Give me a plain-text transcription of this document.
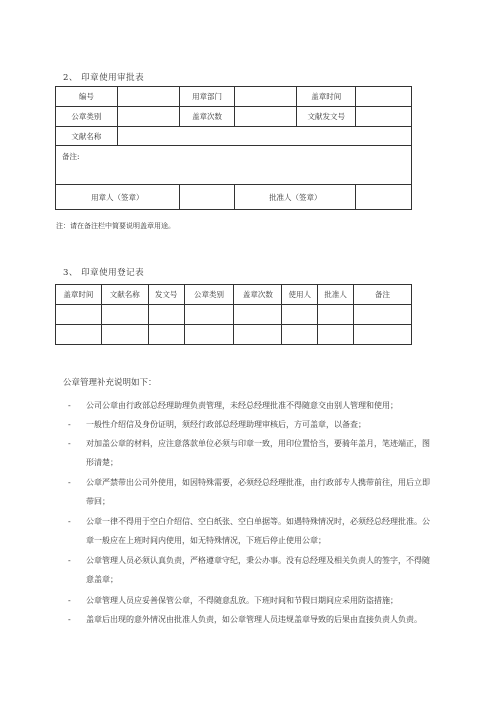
2、 印章使用审批表
编号		用章部门		盖章时间	
公章类别		盖章次数		文献发文号	
文献名称					
备注:					
用章人（签章）			批准人（签章）		
注：请在备注栏中简要说明盖章用途。
3、 印章使用登记表
盖章时间	文献名称	发文号	公章类别	盖章次数	使用人	批准人	备注

公章管理补充说明如下：
- 公司公章由行政部总经理助理负责管理，未经总经理批准不得随意交由别人管理和使用；
- 一般性介绍信及身份证明，须经行政部总经理助理审核后，方可盖章，以备查；
- 对加盖公章的材料，应注意落款单位必须与印章一致，用印位置恰当，要骑年盖月，笔迹端正，图形清楚；
- 公章严禁带出公司外使用，如因特殊需要，必须经总经理批准，由行政部专人携带前往，用后立即带回；
- 公章一律不得用于空白介绍信、空白纸张、空白单据等。如遇特殊情况时，必须经总经理批准。公章一般应在上班时间内使用，如无特殊情况，下班后停止使用公章；
- 公章管理人员必须认真负责，严格遵章守纪，秉公办事。没有总经理及相关负责人的签字，不得随意盖章；
- 公章管理人员应妥善保管公章，不得随意乱放。下班时间和节假日期间应采用防盗措施；
- 盖章后出现的意外情况由批准人负责，如公章管理人员违规盖章导致的后果由直接负责人负责。
